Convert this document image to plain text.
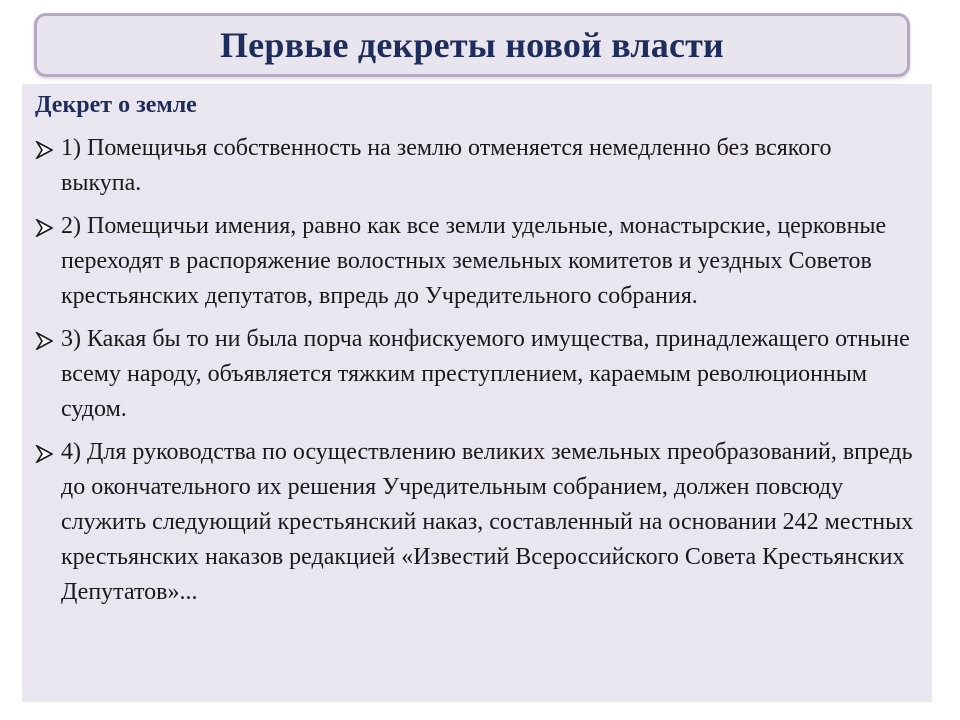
Первые декреты новой власти
Декрет о земле
1) Помещичья собственность на землю отменяется немедленно без всякого выкупа.
2) Помещичьи имения, равно как все земли удельные, монастырские, церковные переходят в распоряжение волостных земельных комитетов и уездных Советов крестьянских депутатов, впредь до Учредительного собрания.
3) Какая бы то ни была порча конфискуемого имущества, принадлежащего отныне всему народу, объявляется тяжким преступлением, караемым революционным судом.
4) Для руководства по осуществлению великих земельных преобразований, впредь до окончательного их решения Учредительным собранием, должен повсюду служить следующий крестьянский наказ, составленный на основании 242 местных крестьянских наказов редакцией «Известий Всероссийского Совета Крестьянских Депутатов»...
